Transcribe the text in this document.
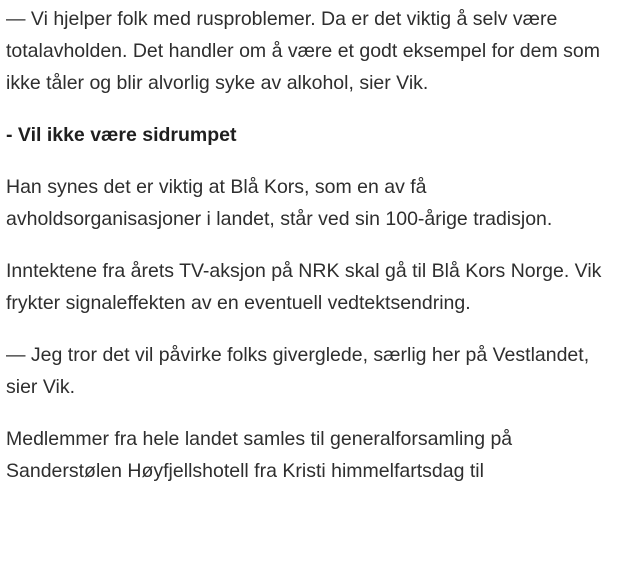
— Vi hjelper folk med rusproblemer. Da er det viktig å selv være totalavholden. Det handler om å være et godt eksempel for dem som ikke tåler og blir alvorlig syke av alkohol, sier Vik.

- Vil ikke være sidrumpet

Han synes det er viktig at Blå Kors, som en av få avholdsorganisasjoner i landet, står ved sin 100-årige tradisjon.

Inntektene fra årets TV-aksjon på NRK skal gå til Blå Kors Norge. Vik frykter signaleffekten av en eventuell vedtektsendring.

— Jeg tror det vil påvirke folks giverglede, særlig her på Vestlandet, sier Vik.

Medlemmer fra hele landet samles til generalforsamling på Sanderstølen Høyfjellshotell fra Kristi himmelfartsdag til
